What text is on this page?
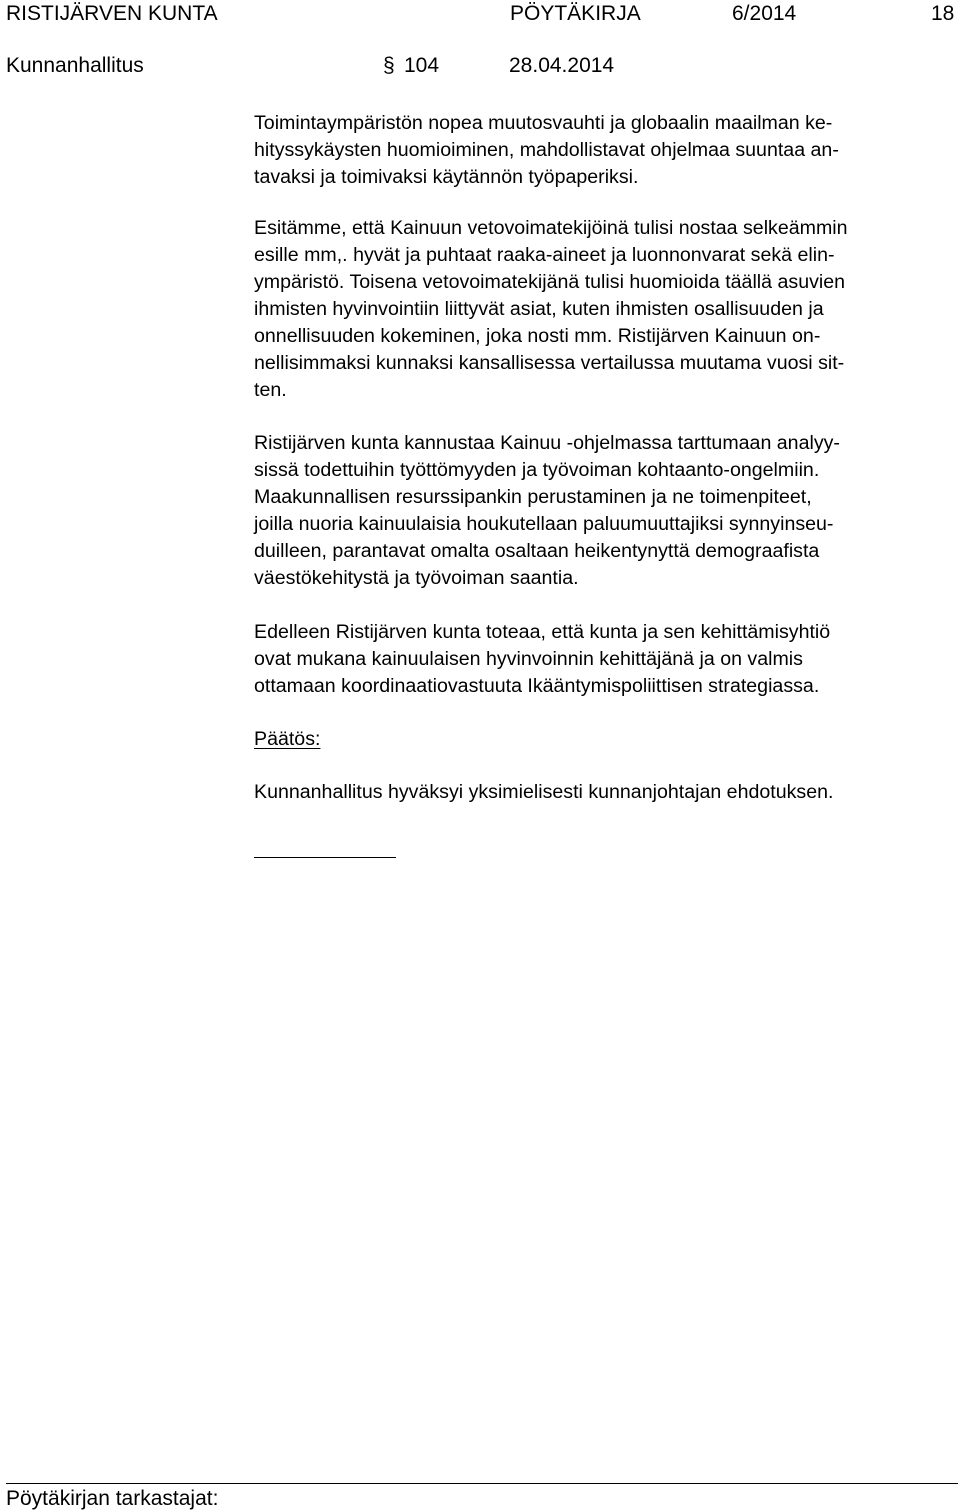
RISTIJÄRVEN KUNTA	PÖYTÄKIRJA	6/2014	18
Kunnanhallitus	§ 104	28.04.2014
Toimintaympäristön nopea muutosvauhti ja globaalin maailman ke-
hityssykäysten huomioiminen, mahdollistavat ohjelmaa suuntaa an-
tavaksi ja toimivaksi käytännön työpaperiksi.
Esitämme, että Kainuun vetovoimatekijöinä tulisi nostaa selkeämmin
esille mm,. hyvät ja puhtaat raaka-aineet ja luonnonvarat sekä elin-
ympäristö. Toisena vetovoimatekijänä tulisi huomioida täällä asuvien
ihmisten hyvinvointiin liittyvät asiat, kuten ihmisten osallisuuden ja
onnellisuuden kokeminen, joka nosti mm. Ristijärven Kainuun on-
nellisimmaksi kunnaksi kansallisessa vertailussa muutama vuosi sit-
ten.
Ristijärven kunta kannustaa Kainuu -ohjelmassa tarttumaan analyy-
sissä todettuihin työttömyyden ja työvoiman kohtaanto-ongelmiin.
Maakunnallisen resurssipankin perustaminen ja ne toimenpiteet,
joilla nuoria kainuulaisia houkutellaan paluumuuttajiksi synnyinseu-
duilleen, parantavat omalta osaltaan heikentynyttä demograafista
väestökehitystä ja työvoiman saantia.
Edelleen Ristijärven kunta toteaa, että kunta ja sen kehittämisyhtiö
ovat mukana kainuulaisen hyvinvoinnin kehittäjänä ja on valmis
ottamaan koordinaatiovastuuta Ikääntymispoliittisen strategiassa.
Päätös:
Kunnanhallitus hyväksyi yksimielisesti kunnanjohtajan ehdotuksen.
Pöytäkirjan tarkastajat:
